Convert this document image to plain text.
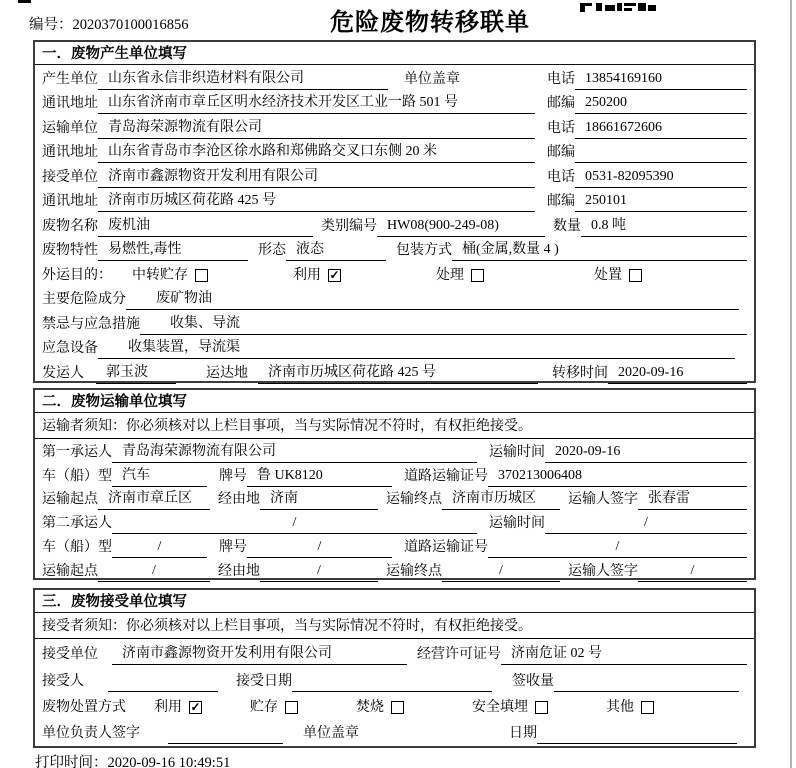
编号：2020370100016856	危险废物转移联单
一．废物产生单位填写
产生单位 山东省永信非织造材料有限公司	单位盖章	电话 13854169160
通讯地址 山东省济南市章丘区明水经济技术开发区工业一路 501 号	邮编 250200
运输单位 青岛海荣源物流有限公司	电话 18661672606
通讯地址 山东省青岛市李沧区徐水路和郑佛路交叉口东侧 20 米	邮编
接受单位 济南市鑫源物资开发利用有限公司	电话 0531-82095390
通讯地址 济南市历城区荷花路 425 号	邮编 250101
废物名称 废机油	类别编号 HW08(900-249-08)	数量 0.8 吨
废物特性 易燃性,毒性	形态 液态	包装方式 桶(金属,数量 4 )
外运目的： 中转贮存	利用 ✓	处理	处置
主要危险成分	废矿物油
禁忌与应急措施	收集、导流
应急设备	收集装置，导流渠
发运人	郭玉波	运达地	济南市历城区荷花路 425 号	转移时间 2020-09-16
二．废物运输单位填写
运输者须知：你必须核对以上栏目事项，当与实际情况不符时，有权拒绝接受。
第一承运人 青岛海荣源物流有限公司	运输时间 2020-09-16
车（船）型 汽车	牌号 鲁 UK8120	道路运输证号 370213006408
运输起点 济南市章丘区	经由地 济南	运输终点 济南市历城区	运输人签字 张春雷
第二承运人	/	运输时间	/
车（船）型	/	牌号	/	道路运输证号	/
运输起点	/	经由地	/	运输终点	/	运输人签字	/
三．废物接受单位填写
接受者须知：你必须核对以上栏目事项，当与实际情况不符时，有权拒绝接受。
接受单位	济南市鑫源物资开发利用有限公司	经营许可证号 济南危证 02 号
接受人	接受日期	签收量
废物处置方式 利用 ✓	贮存	焚烧	安全填埋	其他
单位负责人签字	单位盖章	日期
打印时间：2020-09-16 10:49:51
